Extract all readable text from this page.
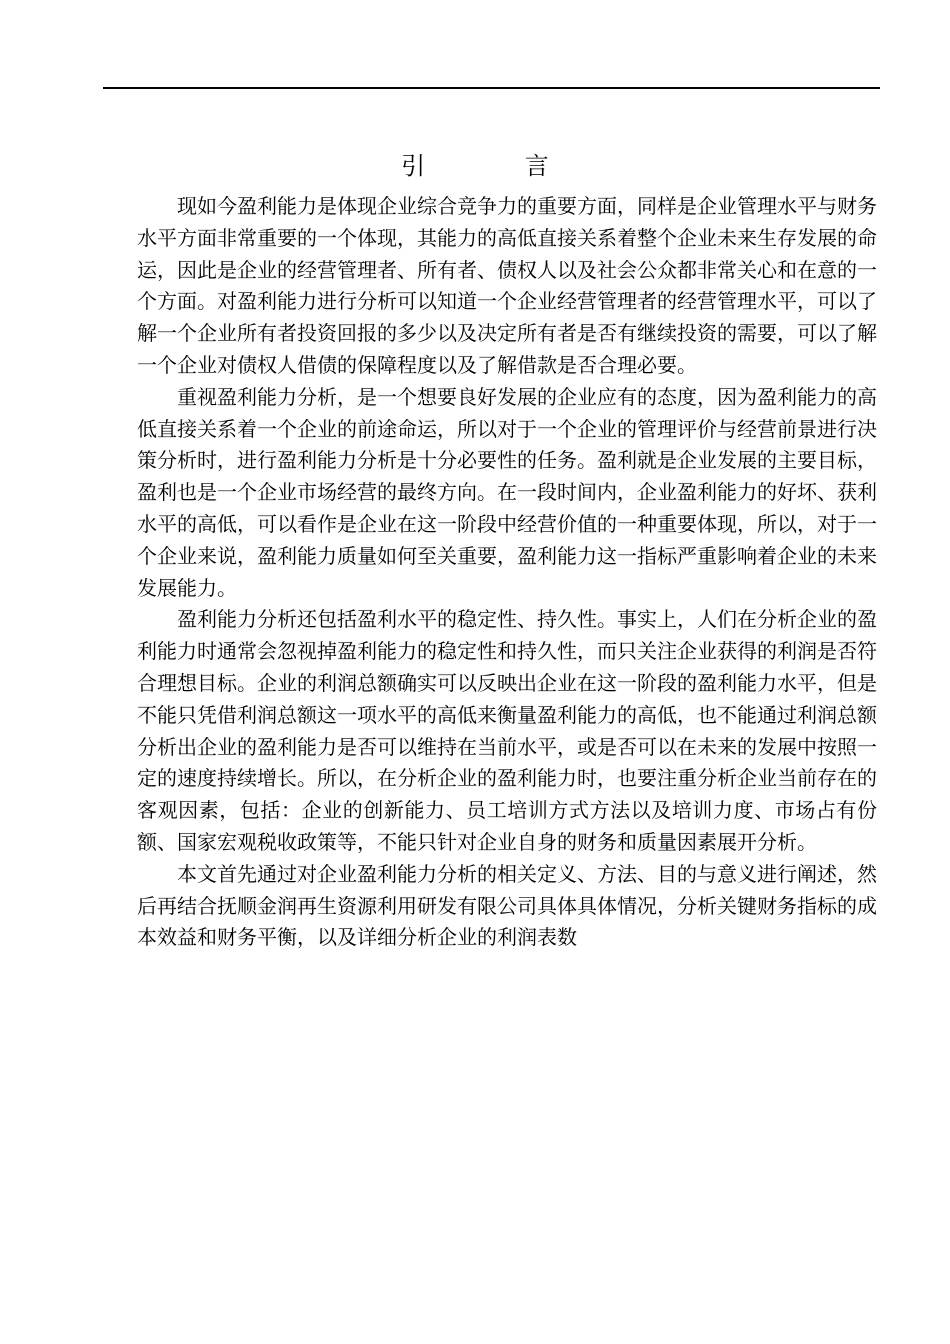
引 言

现如今盈利能力是体现企业综合竞争力的重要方面，同样是企业管理水平与财务水平方面非常重要的一个体现，其能力的高低直接关系着整个企业未来生存发展的命运，因此是企业的经营管理者、所有者、债权人以及社会公众都非常关心和在意的一个方面。对盈利能力进行分析可以知道一个企业经营管理者的经营管理水平，可以了解一个企业所有者投资回报的多少以及决定所有者是否有继续投资的需要，可以了解一个企业对债权人借债的保障程度以及了解借款是否合理必要。

重视盈利能力分析，是一个想要良好发展的企业应有的态度，因为盈利能力的高低直接关系着一个企业的前途命运，所以对于一个企业的管理评价与经营前景进行决策分析时，进行盈利能力分析是十分必要性的任务。盈利就是企业发展的主要目标，盈利也是一个企业市场经营的最终方向。在一段时间内，企业盈利能力的好坏、获利水平的高低，可以看作是企业在这一阶段中经营价值的一种重要体现，所以，对于一个企业来说，盈利能力质量如何至关重要，盈利能力这一指标严重影响着企业的未来发展能力。

盈利能力分析还包括盈利水平的稳定性、持久性。事实上，人们在分析企业的盈利能力时通常会忽视掉盈利能力的稳定性和持久性，而只关注企业获得的利润是否符合理想目标。企业的利润总额确实可以反映出企业在这一阶段的盈利能力水平，但是不能只凭借利润总额这一项水平的高低来衡量盈利能力的高低，也不能通过利润总额分析出企业的盈利能力是否可以维持在当前水平，或是否可以在未来的发展中按照一定的速度持续增长。所以，在分析企业的盈利能力时，也要注重分析企业当前存在的客观因素，包括：企业的创新能力、员工培训方式方法以及培训力度、市场占有份额、国家宏观税收政策等，不能只针对企业自身的财务和质量因素展开分析。

本文首先通过对企业盈利能力分析的相关定义、方法、目的与意义进行阐述，然后再结合抚顺金润再生资源利用研发有限公司具体具体情况，分析关键财务指标的成本效益和财务平衡，以及详细分析企业的利润表数
